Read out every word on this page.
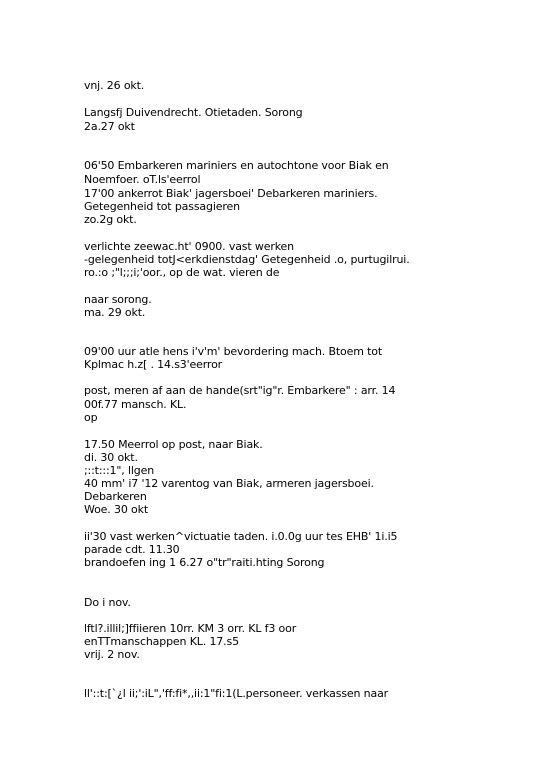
vnj. 26 okt.
Langsfj Duivendrecht. Otietaden. Sorong
2a.27 okt
06'50 Embarkeren mariniers en autochtone voor Biak en
Noemfoer. oT.ls'eerrol
17'00 ankerrot Biak' jagersboei' Debarkeren mariniers.
Getegenheid tot passagieren
zo.2g okt.
verlichte zeewac.ht' 0900. vast werken
-gelegenheid totJ<erkdienstdag' Getegenheid .o, purtugilrui.
ro.:o ;"l;;;i;'oor., op de wat. vieren de
naar sorong.
ma. 29 okt.
09'00 uur atle hens i'v'm' bevordering mach. Btoem tot
Kplmac h.z[ . 14.s3'eerror
post, meren af aan de hande(srt"ig"r. Embarkere" : arr. 14
00f.77 mansch. KL.
op
17.50 Meerrol op post, naar Biak.
di. 30 okt.
;::t:::1", llgen
40 mm' i7 '12 varentog van Biak, armeren jagersboei.
Debarkeren
Woe. 30 okt
ii'30 vast werken^victuatie taden. i.0.0g uur tes EHB' 1i.i5
parade cdt. 11.30
brandoefen ing 1 6.27 o"tr"raiti.hting Sorong
Do i nov.
lftl?.illil;]ffiieren 10rr. KM 3 orr. KL f3 oor
enTTmanschappen KL. 17.s5
vrij. 2 nov.
ll'::t:[`¿l ii;':iL",'ff:fi*,,ii:1"fi:1(L.personeer. verkassen naar
